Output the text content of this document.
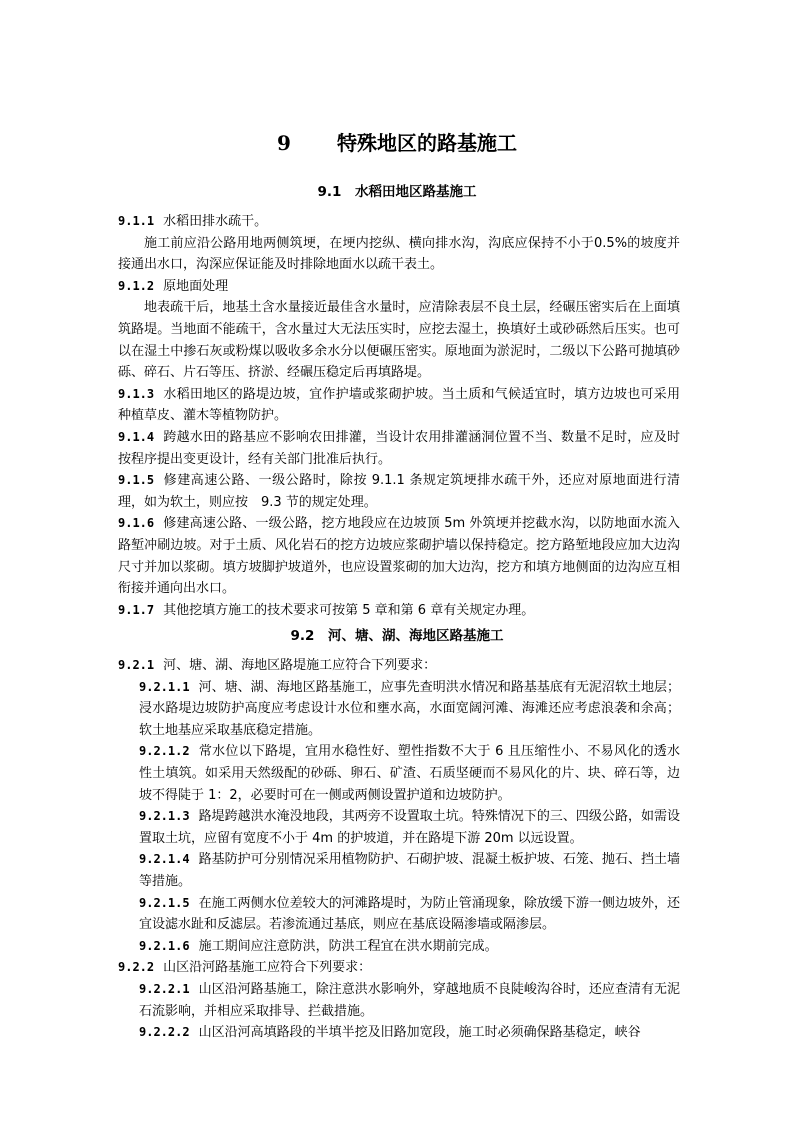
9 特殊地区的路基施工
9.1　水稻田地区路基施工

9.1.1 水稻田排水疏干。

施工前应沿公路用地两侧筑埂，在埂内挖纵、横向排水沟，沟底应保持不小于0.5%的坡度并接通出水口，沟深应保证能及时排除地面水以疏干表土。

9.1.2 原地面处理

地表疏干后，地基土含水量接近最佳含水量时，应清除表层不良土层，经碾压密实后在上面填筑路堤。当地面不能疏干，含水量过大无法压实时，应挖去湿土，换填好土或砂砾然后压实。也可以在湿土中掺石灰或粉煤以吸收多余水分以便碾压密实。原地面为淤泥时，二级以下公路可抛填砂砾、碎石、片石等压、挤淤、经碾压稳定后再填路堤。

9.1.3 水稻田地区的路堤边坡，宜作护墙或浆砌护坡。当土质和气候适宜时，填方边坡也可采用种植草皮、灌木等植物防护。

9.1.4 跨越水田的路基应不影响农田排灌，当设计农用排灌涵洞位置不当、数量不足时，应及时按程序提出变更设计，经有关部门批准后执行。

9.1.5 修建高速公路、一级公路时，除按 9.1.1 条规定筑埂排水疏干外，还应对原地面进行清理，如为软土，则应按　9.3 节的规定处理。

9.1.6 修建高速公路、一级公路，挖方地段应在边坡顶 5m 外筑埂并挖截水沟，以防地面水流入路堑冲刷边坡。对于土质、风化岩石的挖方边坡应浆砌护墙以保持稳定。挖方路堑地段应加大边沟尺寸并加以浆砌。填方坡脚护坡道外，也应设置浆砌的加大边沟，挖方和填方地侧面的边沟应互相衔接并通向出水口。

9.1.7 其他挖填方施工的技术要求可按第 5 章和第 6 章有关规定办理。

9.2　河、塘、湖、海地区路基施工

9.2.1 河、塘、湖、海地区路堤施工应符合下列要求：

9.2.1.1 河、塘、湖、海地区路基施工，应事先查明洪水情况和路基基底有无泥沼软土地层；浸水路堤边坡防护高度应考虑设计水位和壅水高，水面宽阔河滩、海滩还应考虑浪袭和余高；软土地基应采取基底稳定措施。

9.2.1.2 常水位以下路堤，宜用水稳性好、塑性指数不大于 6 且压缩性小、不易风化的透水性土填筑。如采用天然级配的砂砾、卵石、矿渣、石质坚硬而不易风化的片、块、碎石等，边坡不得陡于 1：2，必要时可在一侧或两侧设置护道和边坡防护。

9.2.1.3 路堤跨越洪水淹没地段，其两旁不设置取土坑。特殊情况下的三、四级公路，如需设置取土坑，应留有宽度不小于 4m 的护坡道，并在路堤下游 20m 以远设置。

9.2.1.4 路基防护可分别情况采用植物防护、石砌护坡、混凝土板护坡、石笼、抛石、挡土墙等措施。

9.2.1.5 在施工两侧水位差较大的河滩路堤时，为防止管涌现象，除放缓下游一侧边坡外，还宜设滤水趾和反滤层。若渗流通过基底，则应在基底设隔渗墙或隔渗层。

9.2.1.6 施工期间应注意防洪，防洪工程宜在洪水期前完成。

9.2.2 山区沿河路基施工应符合下列要求：

9.2.2.1 山区沿河路基施工，除注意洪水影响外，穿越地质不良陡峻沟谷时，还应查清有无泥石流影响，并相应采取排导、拦截措施。

9.2.2.2 山区沿河高填路段的半填半挖及旧路加宽段，施工时必须确保路基稳定，峡谷
